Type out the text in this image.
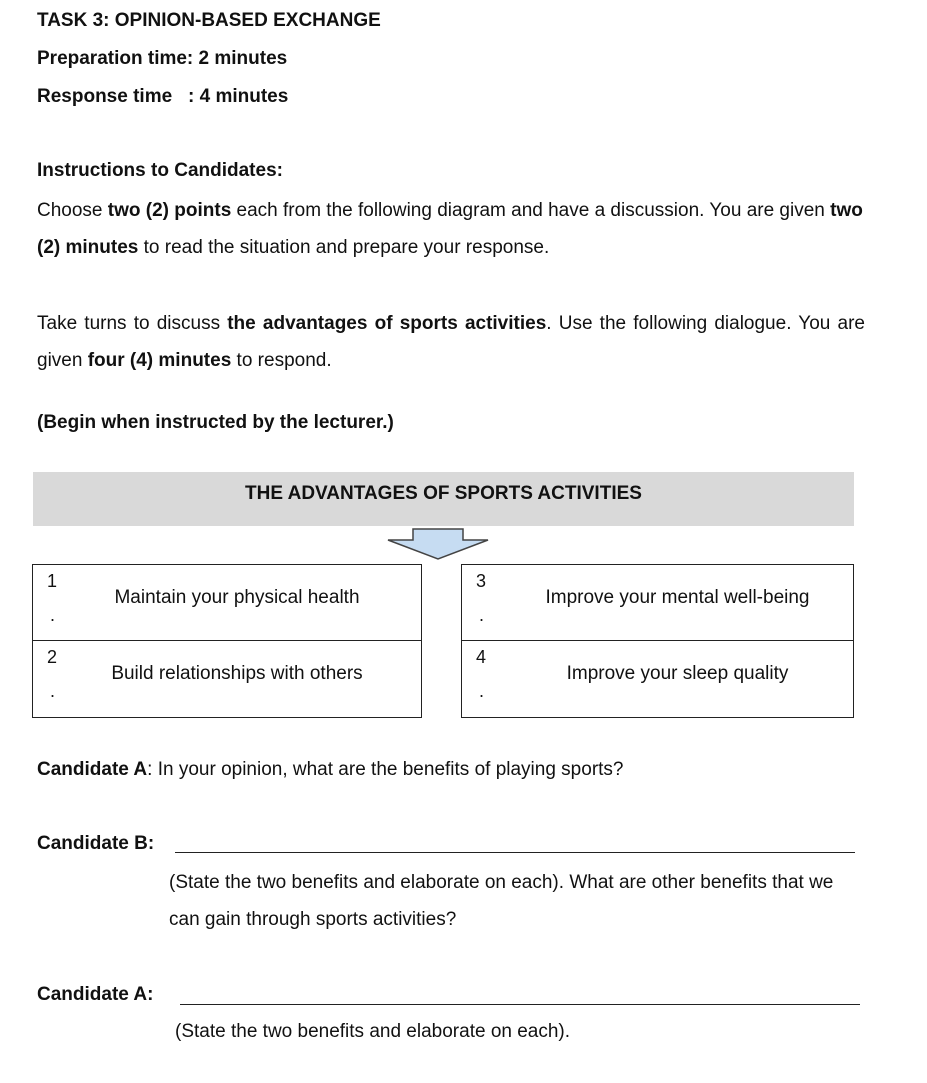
TASK 3: OPINION-BASED EXCHANGE
Preparation time: 2 minutes
Response time   : 4 minutes
Instructions to Candidates:
Choose two (2) points each from the following diagram and have a discussion. You are given two (2) minutes to read the situation and prepare your response.
Take turns to discuss the advantages of sports activities. Use the following dialogue. You are given four (4) minutes to respond.
(Begin when instructed by the lecturer.)
THE ADVANTAGES OF SPORTS ACTIVITIES
1
.
Maintain your physical health
2
.
Build relationships with others
3
.
Improve your mental well-being
4
.
Improve your sleep quality
Candidate A: In your opinion, what are the benefits of playing sports?
Candidate B:
(State the two benefits and elaborate on each). What are other benefits that we can gain through sports activities?
Candidate A:
(State the two benefits and elaborate on each).
